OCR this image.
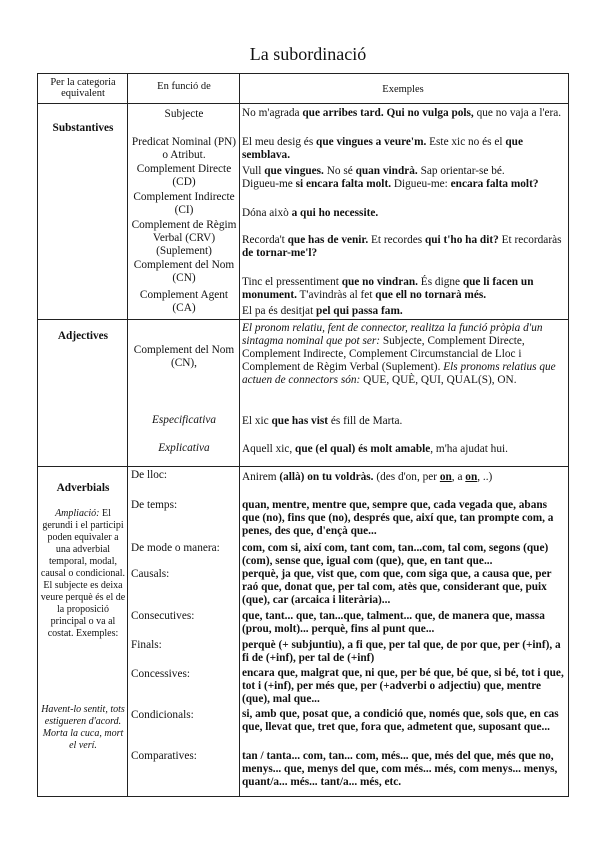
La subordinació
Per la categoria equivalent
En funció de	Exemples
Substantives
Subjecte
Predicat Nominal (PN) o Atribut.
Complement Directe (CD)
Complement Indirecte (CI)
Complement de Règim Verbal (CRV) (Suplement)
Complement del Nom (CN)
Complement Agent (CA)
No m'agrada que arribes tard. Qui no vulga pols, que no vaja a l'era.
El meu desig és que vingues a veure'm. Este xic no és el que semblava.
Vull que vingues. No sé quan vindrà. Sap orientar-se bé.
Digueu-me si encara falta molt. Digueu-me: encara falta molt?
Dóna això a qui ho necessite.
Recorda't que has de venir. Et recordes qui t'ho ha dit? Et recordaràs de tornar-me'l?
Tinc el pressentiment que no vindran. És digne que li facen un monument. T'avindràs al fet que ell no tornarà més.
El pa és desitjat pel qui passa fam.
Adjectives
Complement del Nom (CN),
Especificativa
Explicativa
El pronom relatiu, fent de connector, realitza la funció pròpia d'un sintagma nominal que pot ser: Subjecte, Complement Directe, Complement Indirecte, Complement Circumstancial de Lloc i Complement de Règim Verbal (Suplement). Els pronoms relatius que actuen de connectors són: QUE, QUÈ, QUI, QUAL(S), ON.
El xic que has vist és fill de Marta.
Aquell xic, que (el qual) és molt amable, m'ha ajudat hui.
Adverbials
Ampliació: El gerundi i el participi poden equivaler a una adverbial temporal, modal, causal o condicional. El subjecte es deixa veure perquè és el de la proposició principal o va al costat. Exemples:
Havent-lo sentit, tots estigueren d'acord. Morta la cuca, mort el verí.
De lloc:
De temps:
De mode o manera:
Causals:
Consecutives:
Finals:
Concessives:
Condicionals:
Comparatives:
Anirem (allà) on tu voldràs. (des d'on, per on, a on, ..)
quan, mentre, mentre que, sempre que, cada vegada que, abans que (no), fins que (no), després que, així que, tan prompte com, a penes, des que, d'ençà que...
com, com si, així com, tant com, tan...com, tal com, segons (que) (com), sense que, igual com (que), que, en tant que...
perquè, ja que, vist que, com que, com siga que, a causa que, per raó que, donat que, per tal com, atès que, considerant que, puix (que), car (arcaica i literària)...
que, tant... que, tan...que, talment... que, de manera que, massa (prou, molt)... perquè, fins al punt que...
perquè (+ subjuntiu), a fi que, per tal que, de por que, per (+inf), a fi de (+inf), per tal de (+inf)
encara que, malgrat que, ni que, per bé que, bé que, si bé, tot i que, tot i (+inf), per més que, per (+adverbi o adjectiu) que, mentre (que), mal que...
si, amb que, posat que, a condició que, només que, sols que, en cas que, llevat que, tret que, fora que, admetent que, suposant que...
tan / tanta... com, tan... com, més... que, més del que, més que no, menys... que, menys del que, com més... més, com menys... menys, quant/a... més... tant/a... més, etc.
